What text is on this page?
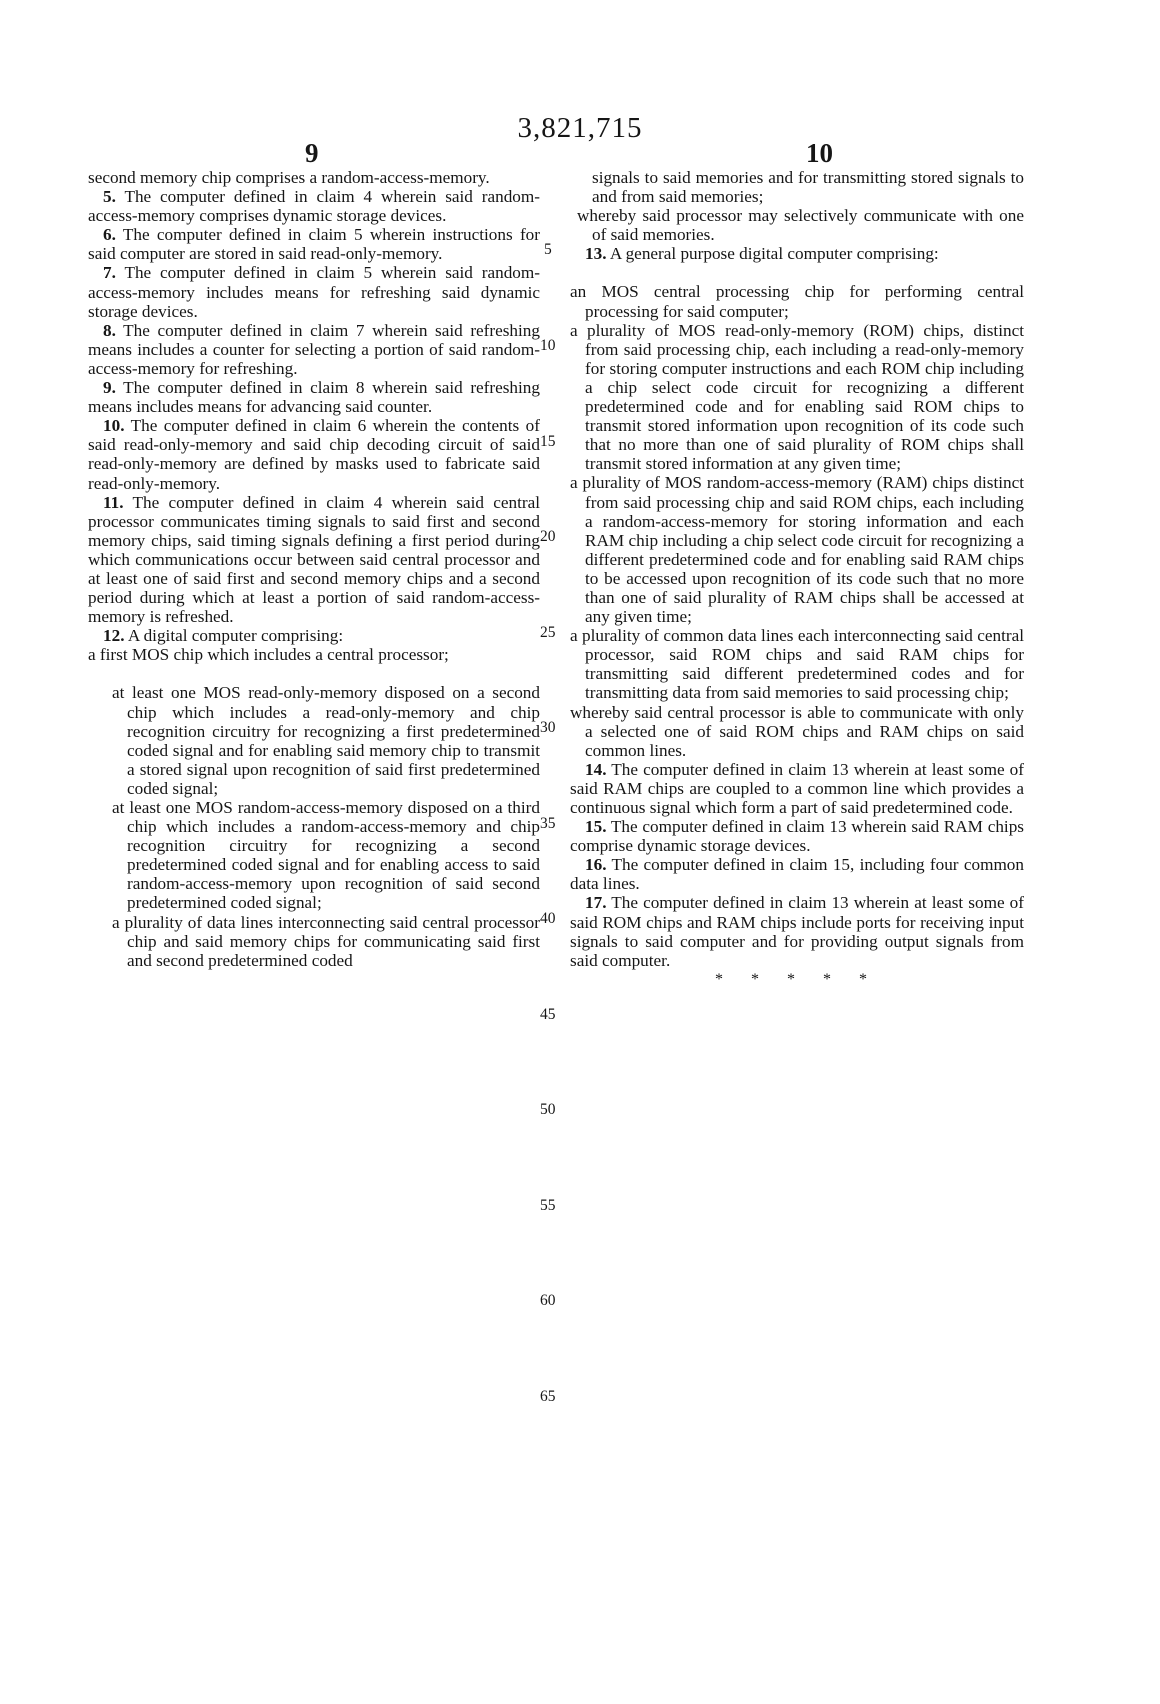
3,821,715
9	10

second memory chip comprises a random-access-memory.

5. The computer defined in claim 4 wherein said random-access-memory comprises dynamic storage devices.

6. The computer defined in claim 5 wherein instructions for said computer are stored in said read-only-memory.

7. The computer defined in claim 5 wherein said random-access-memory includes means for refreshing said dynamic storage devices.

8. The computer defined in claim 7 wherein said refreshing means includes a counter for selecting a portion of said random-access-memory for refreshing.

9. The computer defined in claim 8 wherein said refreshing means includes means for advancing said counter.

10. The computer defined in claim 6 wherein the contents of said read-only-memory and said chip decoding circuit of said read-only-memory are defined by masks used to fabricate said read-only-memory.

11. The computer defined in claim 4 wherein said central processor communicates timing signals to said first and second memory chips, said timing signals defining a first period during which communications occur between said central processor and at least one of said first and second memory chips and a second period during which at least a portion of said random-access-memory is refreshed.

12. A digital computer comprising:

a first MOS chip which includes a central processor;

at least one MOS read-only-memory disposed on a second chip which includes a read-only-memory and chip recognition circuitry for recognizing a first predetermined coded signal and for enabling said memory chip to transmit a stored signal upon recognition of said first predetermined coded signal;

at least one MOS random-access-memory disposed on a third chip which includes a random-access-memory and chip recognition circuitry for recognizing a second predetermined coded signal and for enabling access to said random-access-memory upon recognition of said second predetermined coded signal;

a plurality of data lines interconnecting said central processor chip and said memory chips for communicating said first and second predetermined coded

signals to said memories and for transmitting stored signals to and from said memories;

whereby said processor may selectively communicate with one of said memories.

13. A general purpose digital computer comprising:

an MOS central processing chip for performing central processing for said computer;

a plurality of MOS read-only-memory (ROM) chips, distinct from said processing chip, each including a read-only-memory for storing computer instructions and each ROM chip including a chip select code circuit for recognizing a different predetermined code and for enabling said ROM chips to transmit stored information upon recognition of its code such that no more than one of said plurality of ROM chips shall transmit stored information at any given time;

a plurality of MOS random-access-memory (RAM) chips distinct from said processing chip and said ROM chips, each including a random-access-memory for storing information and each RAM chip including a chip select code circuit for recognizing a different predetermined code and for enabling said RAM chips to be accessed upon recognition of its code such that no more than one of said plurality of RAM chips shall be accessed at any given time;

a plurality of common data lines each interconnecting said central processor, said ROM chips and said RAM chips for transmitting said different predetermined codes and for transmitting data from said memories to said processing chip;

whereby said central processor is able to communicate with only a selected one of said ROM chips and RAM chips on said common lines.

14. The computer defined in claim 13 wherein at least some of said RAM chips are coupled to a common line which provides a continuous signal which form a part of said predetermined code.

15. The computer defined in claim 13 wherein said RAM chips comprise dynamic storage devices.

16. The computer defined in claim 15, including four common data lines.

17. The computer defined in claim 13 wherein at least some of said ROM chips and RAM chips include ports for receiving input signals to said computer and for providing output signals from said computer.

* * * * *

5
10
15
20
25
30
35
40
45
50
55
60
65
